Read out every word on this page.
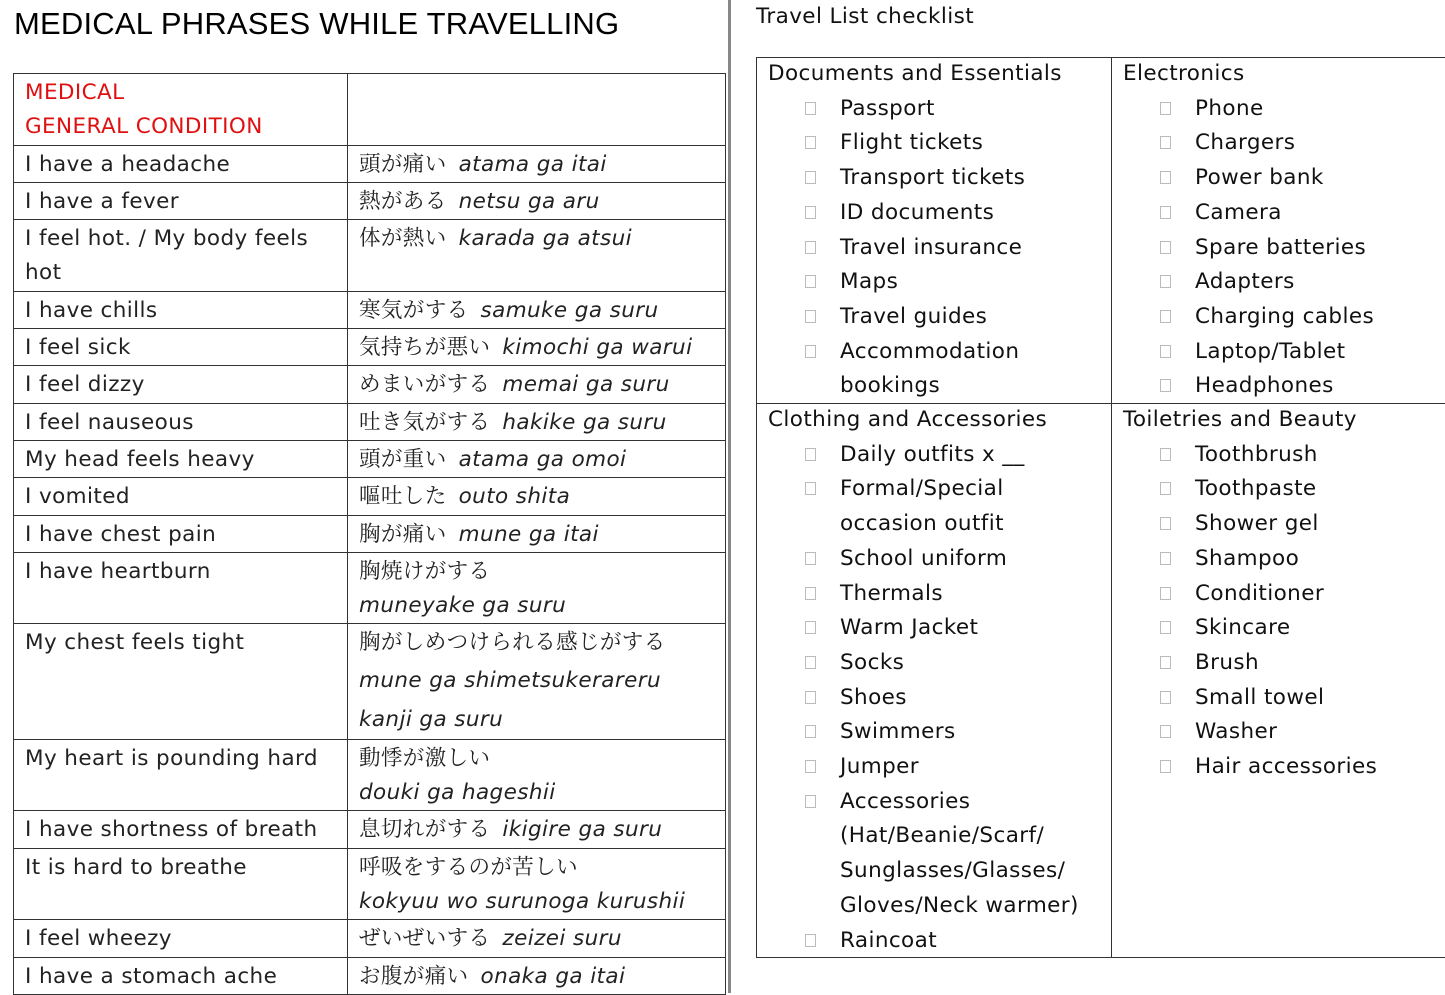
MEDICAL PHRASES WHILE TRAVELLING
MEDICAL
GENERAL CONDITION	
I have a headache	頭が痛い atama ga itai
I have a fever	熱がある netsu ga aru
I feel hot. / My body feels hot	体が熱い karada ga atsui
I have chills	寒気がする samuke ga suru
I feel sick	気持ちが悪い kimochi ga warui
I feel dizzy	めまいがする memai ga suru
I feel nauseous	吐き気がする hakike ga suru
My head feels heavy	頭が重い atama ga omoi
I vomited	嘔吐した outo shita
I have chest pain	胸が痛い mune ga itai
I have heartburn	胸焼けがする
muneyake ga suru

My chest feels tight	胸がしめつけられる感じがする
mune ga shimetsukerareru
kanji ga suru

My heart is pounding hard	動悸が激しい
douki ga hageshii

I have shortness of breath	息切れがする ikigire ga suru
It is hard to breathe	呼吸をするのが苦しい
kokyuu wo surunoga kurushii

I feel wheezy	ぜいぜいする zeizei suru
I have a stomach ache	お腹が痛い onaka ga itai
Travel List checklist
Documents and Essentials
Passport
Flight tickets
Transport tickets
ID documents
Travel insurance
Maps
Travel guides
Accommodation bookings
Electronics
Phone
Chargers
Power bank
Camera
Spare batteries
Adapters
Charging cables
Laptop/Tablet
Headphones
Clothing and Accessories
Daily outfits x __
Formal/Special occasion outfit
School uniform
Thermals
Warm Jacket
Socks
Shoes
Swimmers
Jumper
Accessories (Hat/Beanie/Scarf/ Sunglasses/Glasses/ Gloves/Neck warmer)
Raincoat
Toiletries and Beauty
Toothbrush
Toothpaste
Shower gel
Shampoo
Conditioner
Skincare
Brush
Small towel
Washer
Hair accessories
